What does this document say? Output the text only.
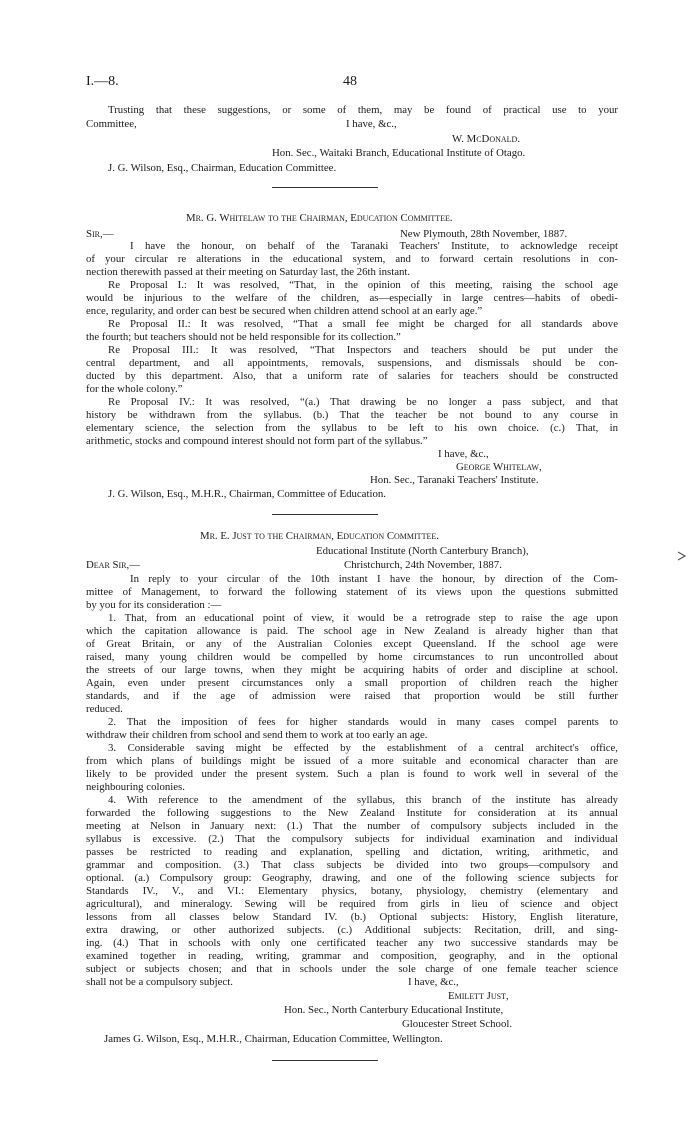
I.—8.	48
Trusting that these suggestions, or some of them, may be found of practical use to your
Committee,	I have, &c.,
W. McDonald.
Hon. Sec., Waitaki Branch, Educational Institute of Otago.
J. G. Wilson, Esq., Chairman, Education Committee.
Mr. G. Whitelaw to the Chairman, Education Committee.
Sir,—	New Plymouth, 28th November, 1887.
I have the honour, on behalf of the Taranaki Teachers' Institute, to acknowledge receipt
of your circular re alterations in the educational system, and to forward certain resolutions in con-
nection therewith passed at their meeting on Saturday last, the 26th instant.
Re Proposal I.: It was resolved, “That, in the opinion of this meeting, raising the school age
would be injurious to the welfare of the children, as—especially in large centres—habits of obedi-
ence, regularity, and order can best be secured when children attend school at an early age.”
Re Proposal II.: It was resolved, “That a small fee might be charged for all standards above
the fourth; but teachers should not be held responsible for its collection.”
Re Proposal III.: It was resolved, “That Inspectors and teachers should be put under the
central department, and all appointments, removals, suspensions, and dismissals should be con-
ducted by this department. Also, that a uniform rate of salaries for teachers should be constructed
for the whole colony.”
Re Proposal IV.: It was resolved, “(a.) That drawing be no longer a pass subject, and that
history be withdrawn from the syllabus. (b.) That the teacher be not bound to any course in
elementary science, the selection from the syllabus to be left to his own choice. (c.) That, in
arithmetic, stocks and compound interest should not form part of the syllabus.”
I have, &c.,
George Whitelaw,
Hon. Sec., Taranaki Teachers' Institute.
J. G. Wilson, Esq., M.H.R., Chairman, Committee of Education.
Mr. E. Just to the Chairman, Education Committee.
Educational Institute (North Canterbury Branch),
Dear Sir,—	Christchurch, 24th November, 1887.
In reply to your circular of the 10th instant I have the honour, by direction of the Com-
mittee of Management, to forward the following statement of its views upon the questions submitted
by you for its consideration :—
1. That, from an educational point of view, it would be a retrograde step to raise the age upon
which the capitation allowance is paid. The school age in New Zealand is already higher than that
of Great Britain, or any of the Australian Colonies except Queensland. If the school age were
raised, many young children would be compelled by home circumstances to run uncontrolled about
the streets of our large towns, when they might be acquiring habits of order and discipline at school.
Again, even under present circumstances only a small proportion of children reach the higher
standards, and if the age of admission were raised that proportion would be still further
reduced.
2. That the imposition of fees for higher standards would in many cases compel parents to
withdraw their children from school and send them to work at too early an age.
3. Considerable saving might be effected by the establishment of a central architect's office,
from which plans of buildings might be issued of a more suitable and economical character than are
likely to be provided under the present system. Such a plan is found to work well in several of the
neighbouring colonies.
4. With reference to the amendment of the syllabus, this branch of the institute has already
forwarded the following suggestions to the New Zealand Institute for consideration at its annual
meeting at Nelson in January next: (1.) That the number of compulsory subjects included in the
syllabus is excessive. (2.) That the compulsory subjects for individual examination and individual
passes be restricted to reading and explanation, spelling and dictation, writing, arithmetic, and
grammar and composition. (3.) That class subjects be divided into two groups—compulsory and
optional. (a.) Compulsory group: Geography, drawing, and one of the following science subjects for
Standards IV., V., and VI.: Elementary physics, botany, physiology, chemistry (elementary and
agricultural), and mineralogy. Sewing will be required from girls in lieu of science and object
lessons from all classes below Standard IV. (b.) Optional subjects: History, English literature,
extra drawing, or other authorized subjects. (c.) Additional subjects: Recitation, drill, and sing-
ing. (4.) That in schools with only one certificated teacher any two successive standards may be
examined together in reading, writing, grammar and composition, geography, and in the optional
subject or subjects chosen; and that in schools under the sole charge of one female teacher science
shall not be a compulsory subject.	I have, &c.,
Emilett Just,
Hon. Sec., North Canterbury Educational Institute,
Gloucester Street School.
James G. Wilson, Esq., M.H.R., Chairman, Education Committee, Wellington.
